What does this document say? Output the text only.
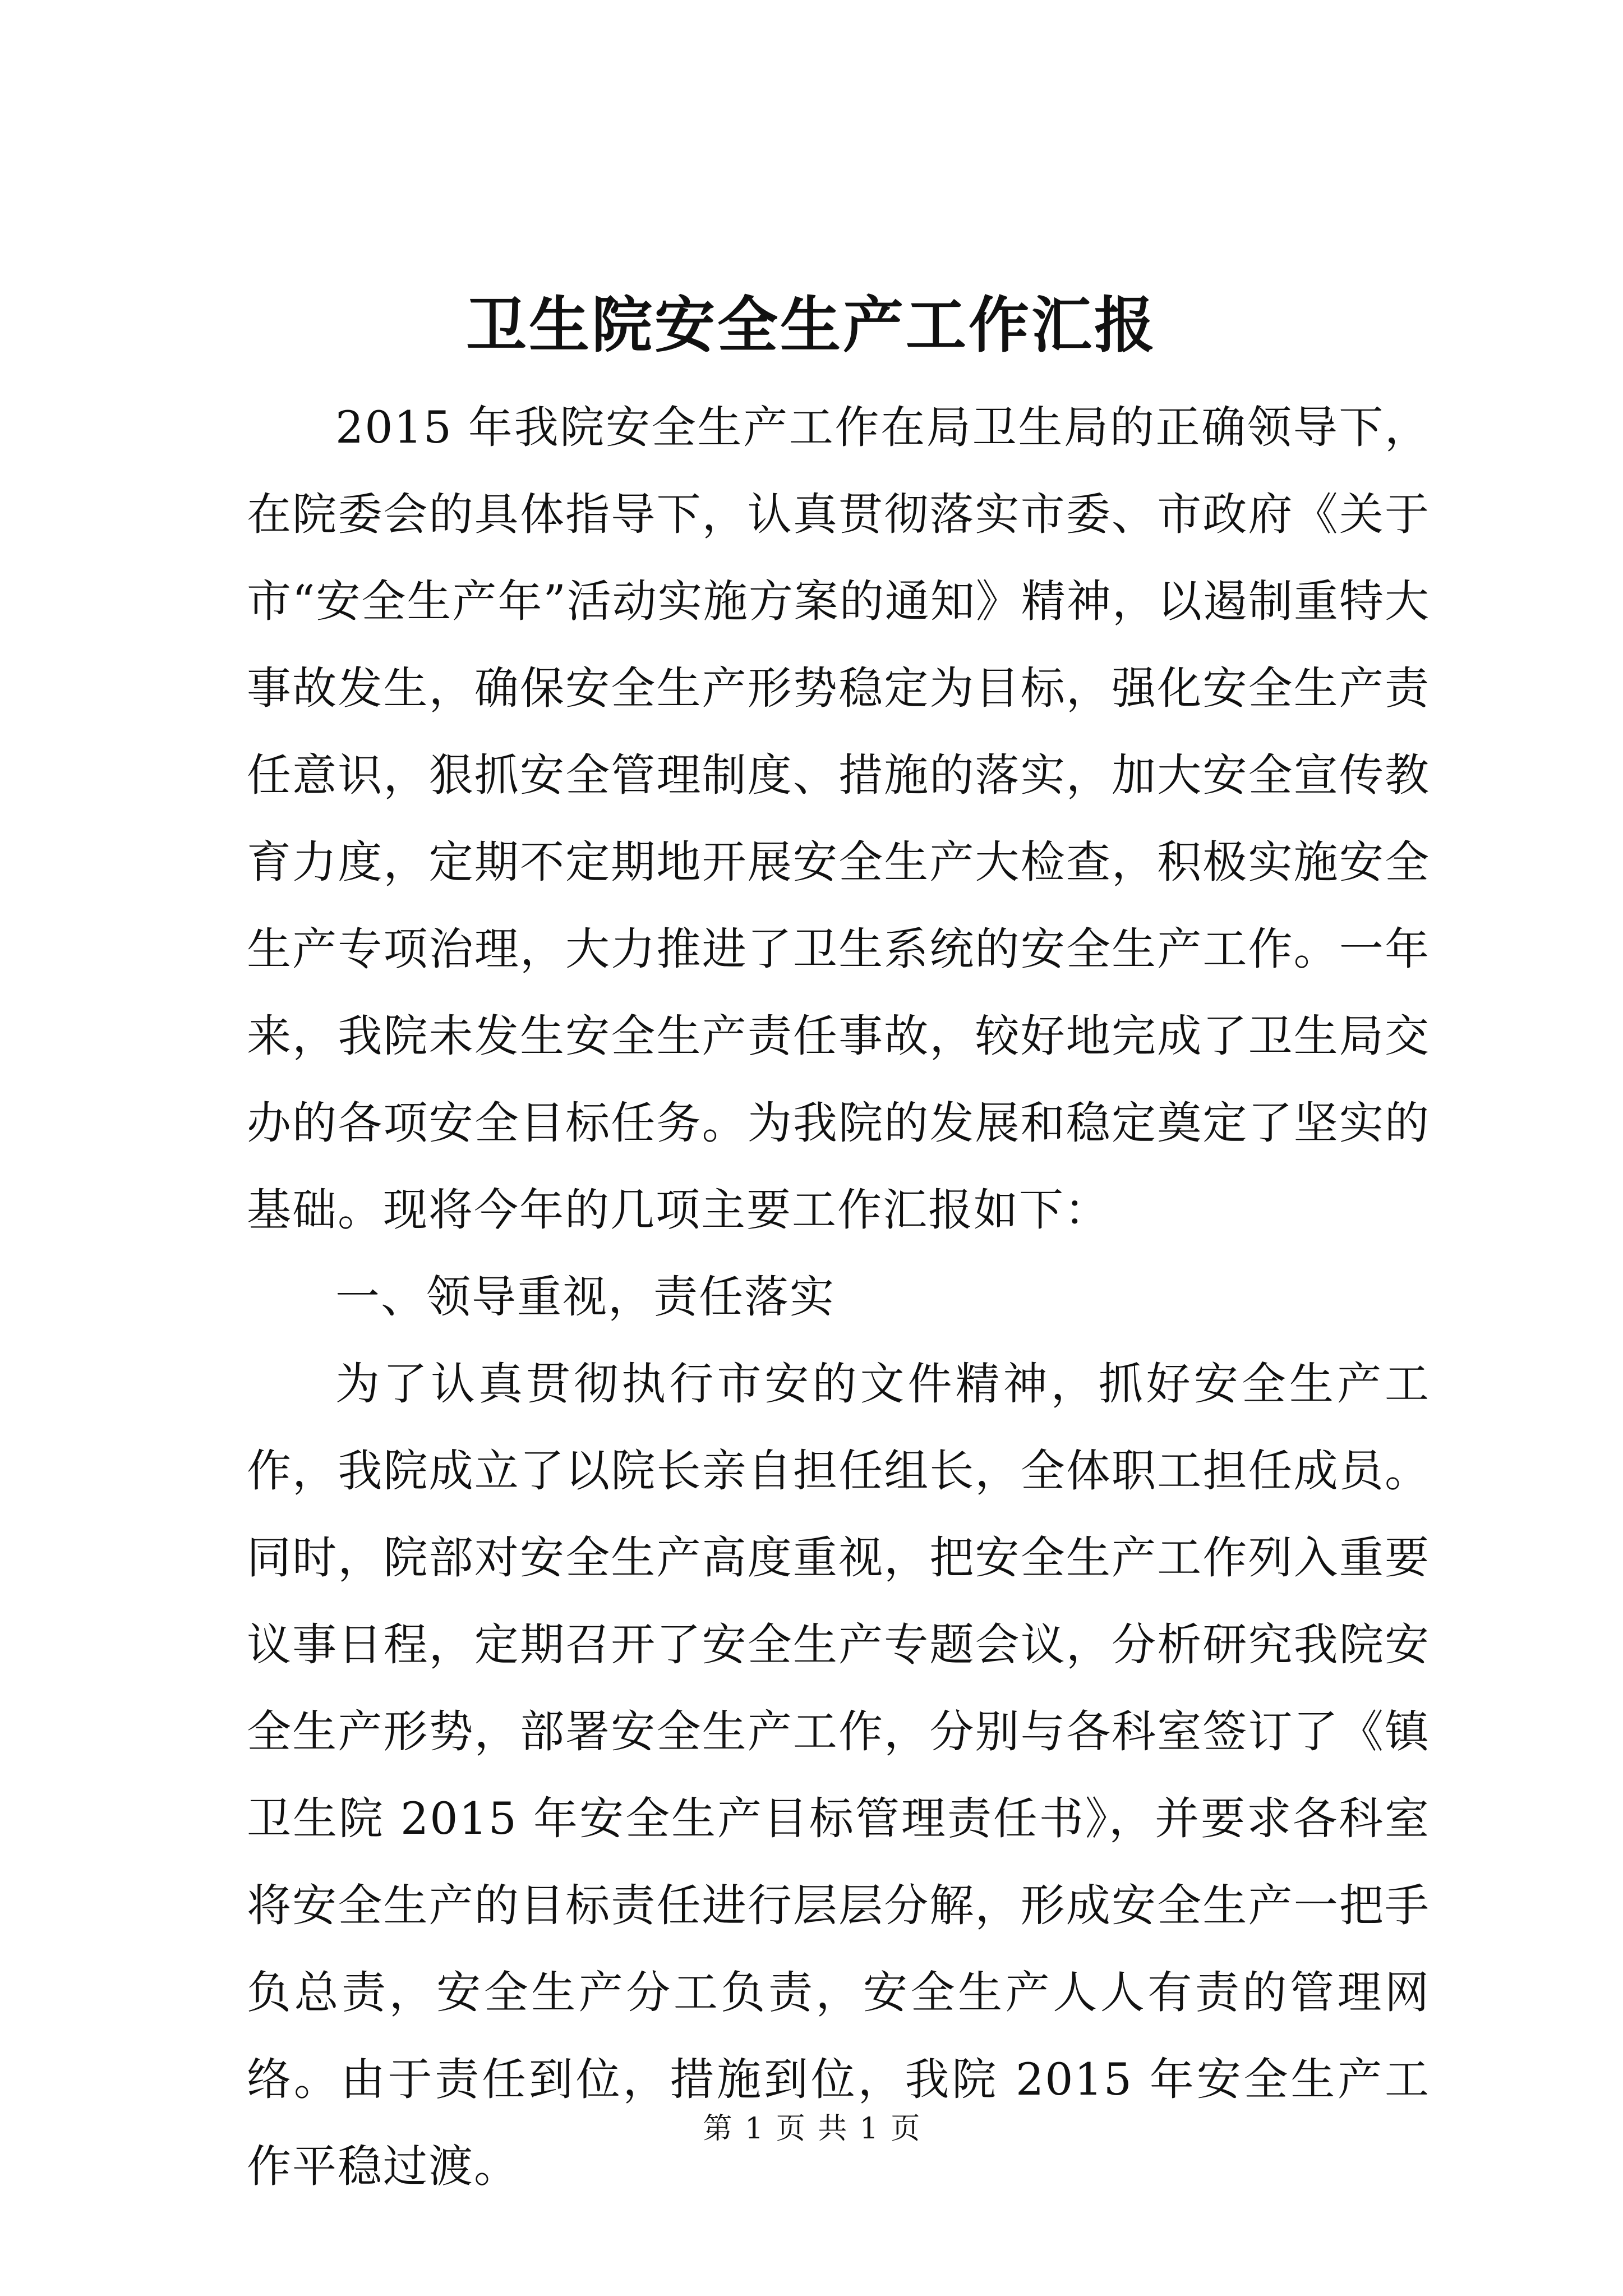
卫生院安全生产工作汇报

2015 年我院安全生产工作在局卫生局的正确领导下，在院委会的具体指导下，认真贯彻落实市委、市政府《关于市“安全生产年”活动实施方案的通知》精神，以遏制重特大事故发生，确保安全生产形势稳定为目标，强化安全生产责任意识，狠抓安全管理制度、措施的落实，加大安全宣传教育力度，定期不定期地开展安全生产大检查，积极实施安全生产专项治理，大力推进了卫生系统的安全生产工作。一年来，我院未发生安全生产责任事故，较好地完成了卫生局交办的各项安全目标任务。为我院的发展和稳定奠定了坚实的基础。现将今年的几项主要工作汇报如下：

一、领导重视，责任落实

为了认真贯彻执行市安的文件精神，抓好安全生产工作，我院成立了以院长亲自担任组长，全体职工担任成员。同时，院部对安全生产高度重视，把安全生产工作列入重要议事日程，定期召开了安全生产专题会议，分析研究我院安全生产形势，部署安全生产工作，分别与各科室签订了《镇卫生院 2015 年安全生产目标管理责任书》，并要求各科室将安全生产的目标责任进行层层分解，形成安全生产一把手负总责，安全生产分工负责，安全生产人人有责的管理网络。由于责任到位，措施到位，我院 2015 年安全生产工作平稳过渡。

第 1 页 共 1 页
